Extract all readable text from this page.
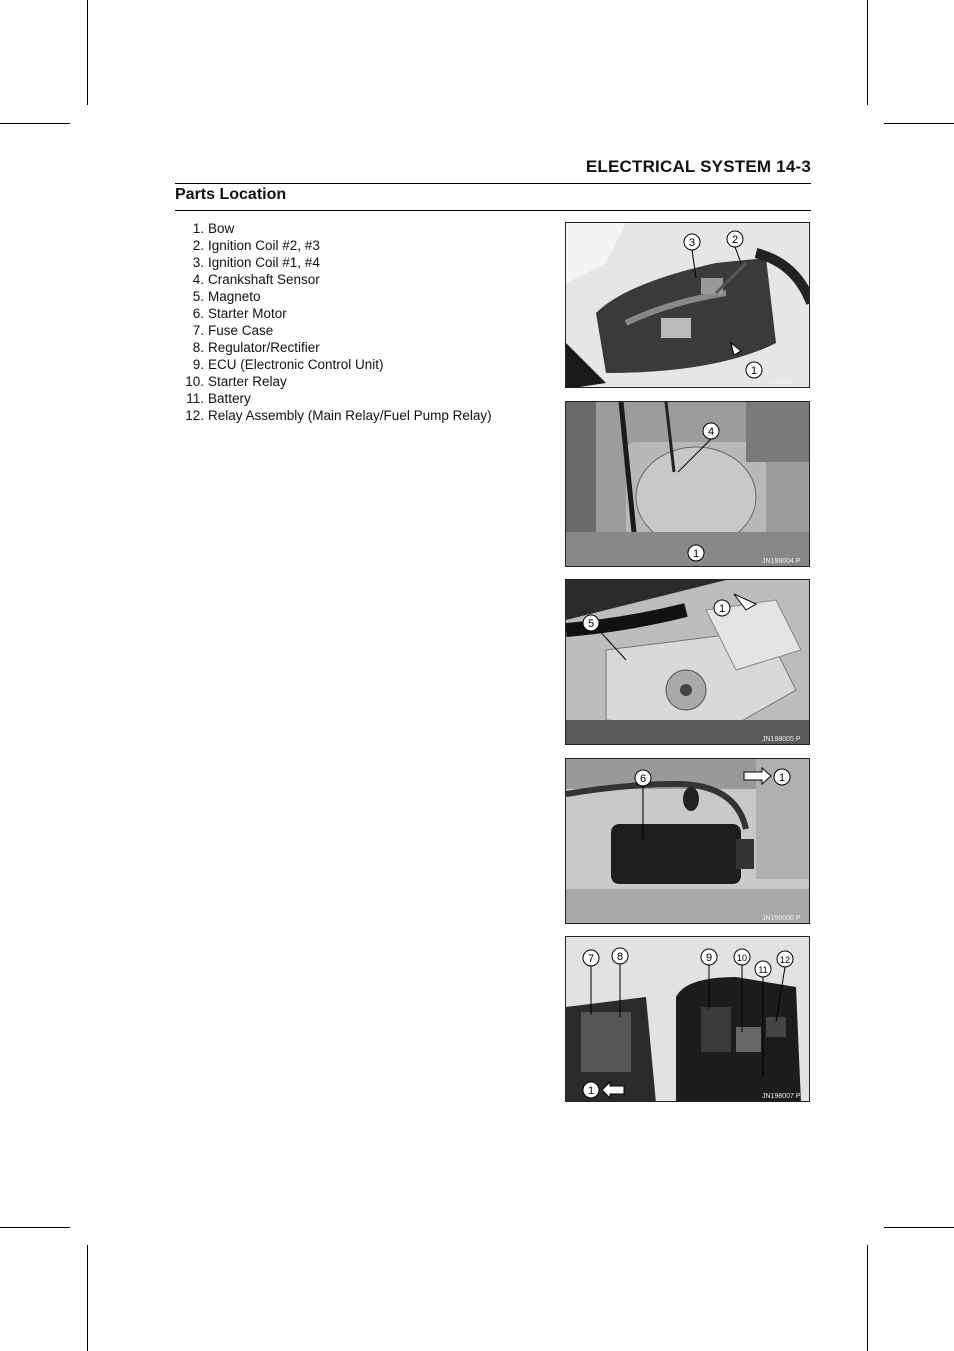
ELECTRICAL SYSTEM 14-3
Parts Location
1. Bow
2. Ignition Coil #2, #3
3. Ignition Coil #1, #4
4. Crankshaft Sensor
5. Magneto
6. Starter Motor
7. Fuse Case
8. Regulator/Rectifier
9. ECU (Electronic Control Unit)
10. Starter Relay
11. Battery
12. Relay Assembly (Main Relay/Fuel Pump Relay)
3	2
1
JN198003 P
4
1
JN198004 P
5
1
JN198005 P
6	1
JN198006 P
7 8	9	10
11
12
1	JN198007 P
